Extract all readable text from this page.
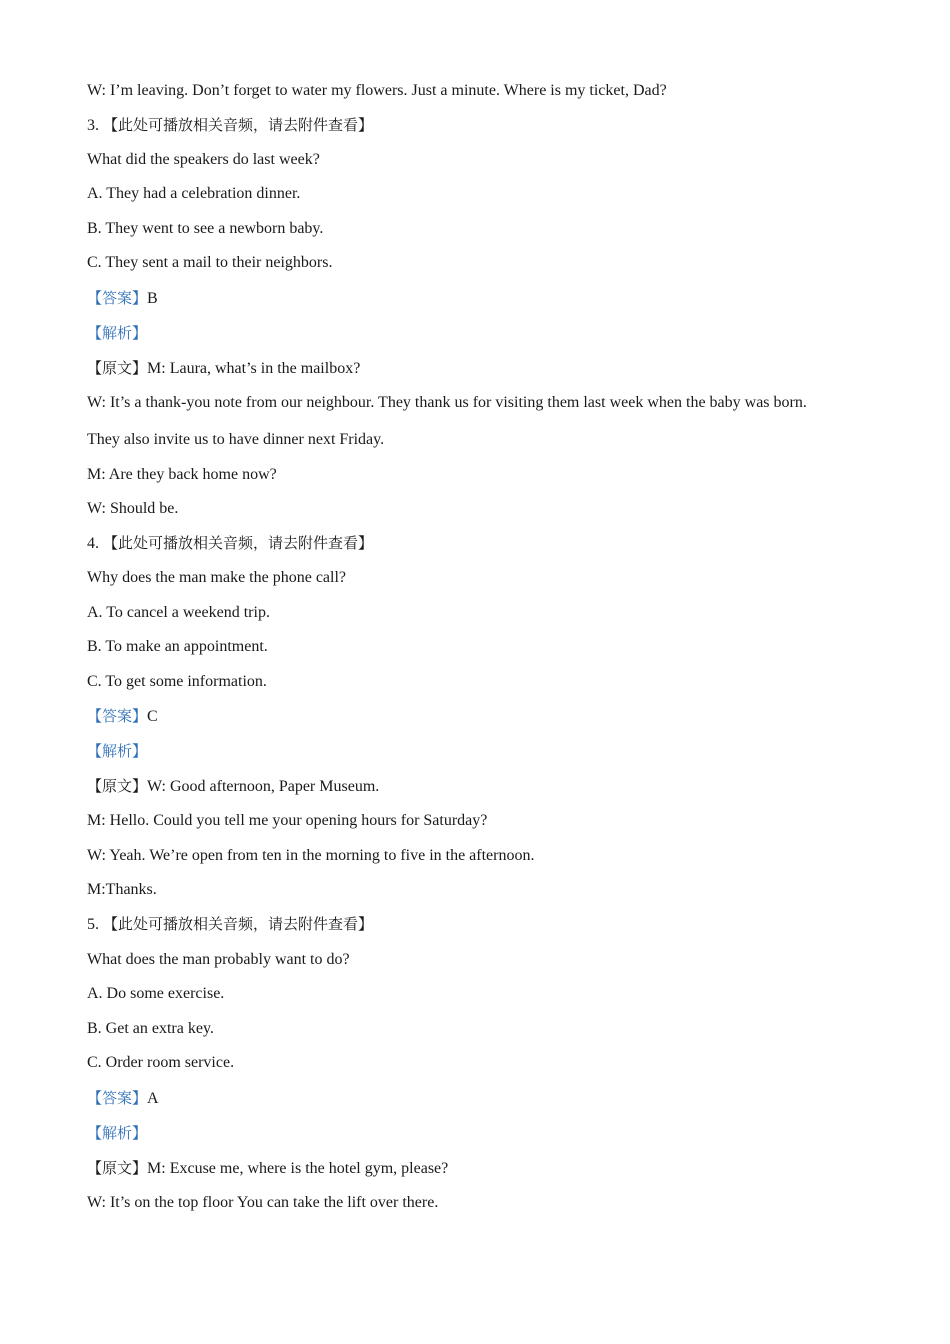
W: I’m leaving. Don’t forget to water my flowers. Just a minute. Where is my ticket, Dad?
3. 【此处可播放相关音频，请去附件查看】
What did the speakers do last week?
A. They had a celebration dinner.
B. They went to see a newborn baby.
C. They sent a mail to their neighbors.
【答案】B
【解析】
【原文】M: Laura, what’s in the mailbox?
W: It’s a thank-you note from our neighbour. They thank us for visiting them last week when the baby was born.
They also invite us to have dinner next Friday.
M: Are they back home now?
W: Should be.
4. 【此处可播放相关音频，请去附件查看】
Why does the man make the phone call?
A. To cancel a weekend trip.
B. To make an appointment.
C. To get some information.
【答案】C
【解析】
【原文】W: Good afternoon, Paper Museum.
M: Hello. Could you tell me your opening hours for Saturday?
W: Yeah. We’re open from ten in the morning to five in the afternoon.
M:Thanks.
5. 【此处可播放相关音频，请去附件查看】
What does the man probably want to do?
A. Do some exercise.
B. Get an extra key.
C. Order room service.
【答案】A
【解析】
【原文】M: Excuse me, where is the hotel gym, please?
W: It’s on the top floor You can take the lift over there.
